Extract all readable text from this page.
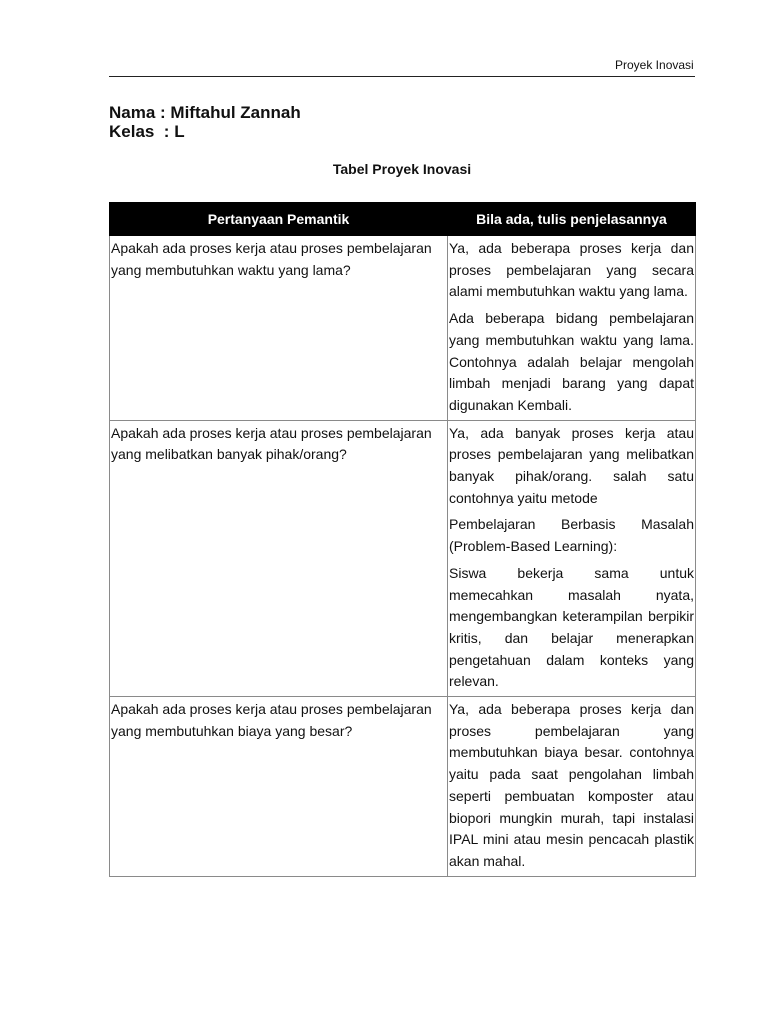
Proyek Inovasi
Nama : Miftahul Zannah
Kelas  : L
Tabel Proyek Inovasi
Pertanyaan Pemantik	Bila ada, tulis penjelasannya

Apakah ada proses kerja atau proses pembelajaran yang membutuhkan waktu yang lama?	Ya, ada beberapa proses kerja dan proses pembelajaran yang secara alami membutuhkan waktu yang lama.

Ada beberapa bidang pembelajaran yang membutuhkan waktu yang lama. Contohnya adalah belajar mengolah limbah menjadi barang yang dapat digunakan Kembali.

Apakah ada proses kerja atau proses pembelajaran yang melibatkan banyak pihak/orang?	Ya, ada banyak proses kerja atau proses pembelajaran yang melibatkan banyak pihak/orang. salah satu contohnya yaitu metode

Pembelajaran Berbasis Masalah (Problem-Based Learning):

Siswa bekerja sama untuk memecahkan masalah nyata, mengembangkan keterampilan berpikir kritis, dan belajar menerapkan pengetahuan dalam konteks yang relevan.

Apakah ada proses kerja atau proses pembelajaran yang membutuhkan biaya yang besar?	Ya, ada beberapa proses kerja dan proses pembelajaran yang membutuhkan biaya besar. contohnya yaitu pada saat pengolahan limbah seperti pembuatan komposter atau biopori mungkin murah, tapi instalasi IPAL mini atau mesin pencacah plastik akan mahal.
